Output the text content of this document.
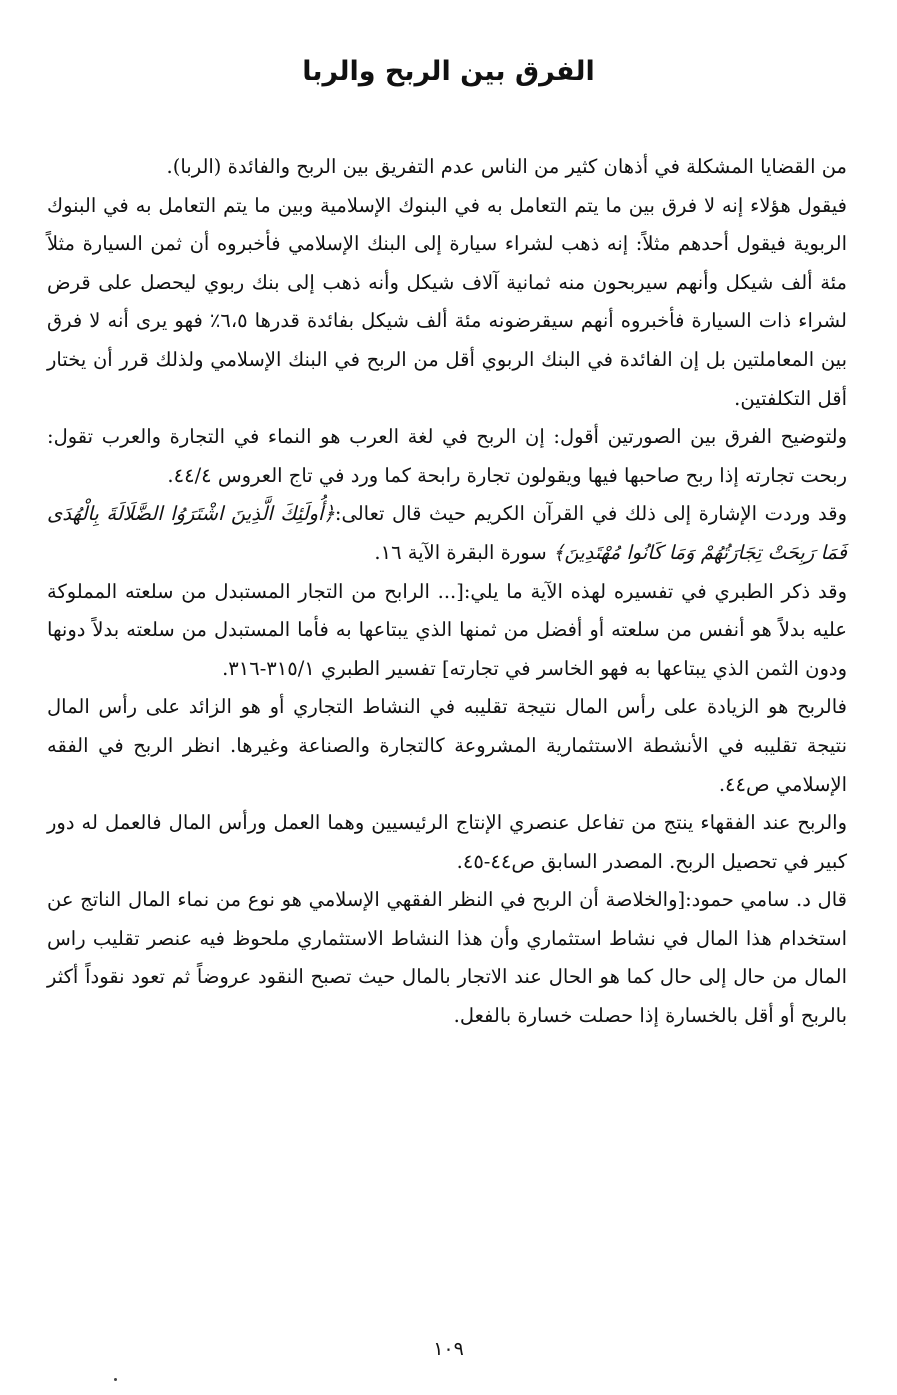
الفرق بين الربح والربا

من القضايا المشكلة في أذهان كثير من الناس عدم التفريق بين الربح والفائدة (الربا).

فيقول هؤلاء إنه لا فرق بين ما يتم التعامل به في البنوك الإسلامية وبين ما يتم التعامل به في البنوك الربوية فيقول أحدهم مثلاً: إنه ذهب لشراء سيارة إلى البنك الإسلامي فأخبروه أن ثمن السيارة مثلاً مئة ألف شيكل وأنهم سيربحون منه ثمانية آلاف شيكل وأنه ذهب إلى بنك ربوي ليحصل على قرض لشراء ذات السيارة فأخبروه أنهم سيقرضونه مئة ألف شيكل بفائدة قدرها ٦،٥٪ فهو يرى أنه لا فرق بين المعاملتين بل إن الفائدة في البنك الربوي أقل من الربح في البنك الإسلامي ولذلك قرر أن يختار أقل التكلفتين.

ولتوضيح الفرق بين الصورتين أقول: إن الربح في لغة العرب هو النماء في التجارة والعرب تقول: ربحت تجارته إذا ربح صاحبها فيها ويقولون تجارة رابحة كما ورد في تاج العروس ٤٤/٤.

وقد وردت الإشارة إلى ذلك في القرآن الكريم حيث قال تعالى:﴿أُولَئِكَ الَّذِينَ اشْتَرَوُا الضَّلَالَةَ بِالْهُدَى فَمَا رَبِحَتْ تِجَارَتُهُمْ وَمَا كَانُوا مُهْتَدِينَ﴾ سورة البقرة الآية ١٦.

وقد ذكر الطبري في تفسيره لهذه الآية ما يلي:[... الرابح من التجار المستبدل من سلعته المملوكة عليه بدلاً هو أنفس من سلعته أو أفضل من ثمنها الذي يبتاعها به فأما المستبدل من سلعته بدلاً دونها ودون الثمن الذي يبتاعها به فهو الخاسر في تجارته] تفسير الطبري ٣١٥/١-٣١٦.

فالربح هو الزيادة على رأس المال نتيجة تقليبه في النشاط التجاري أو هو الزائد على رأس المال نتيجة تقليبه في الأنشطة الاستثمارية المشروعة كالتجارة والصناعة وغيرها. انظر الربح في الفقه الإسلامي ص٤٤.

والربح عند الفقهاء ينتج من تفاعل عنصري الإنتاج الرئيسيين وهما العمل ورأس المال فالعمل له دور كبير في تحصيل الربح. المصدر السابق ص٤٤-٤٥.

قال د. سامي حمود:[والخلاصة أن الربح في النظر الفقهي الإسلامي هو نوع من نماء المال الناتج عن استخدام هذا المال في نشاط استثماري وأن هذا النشاط الاستثماري ملحوظ فيه عنصر تقليب راس المال من حال إلى حال كما هو الحال عند الاتجار بالمال حيث تصبح النقود عروضاً ثم تعود نقوداً أكثر بالربح أو أقل بالخسارة إذا حصلت خسارة بالفعل.

١٠٩
